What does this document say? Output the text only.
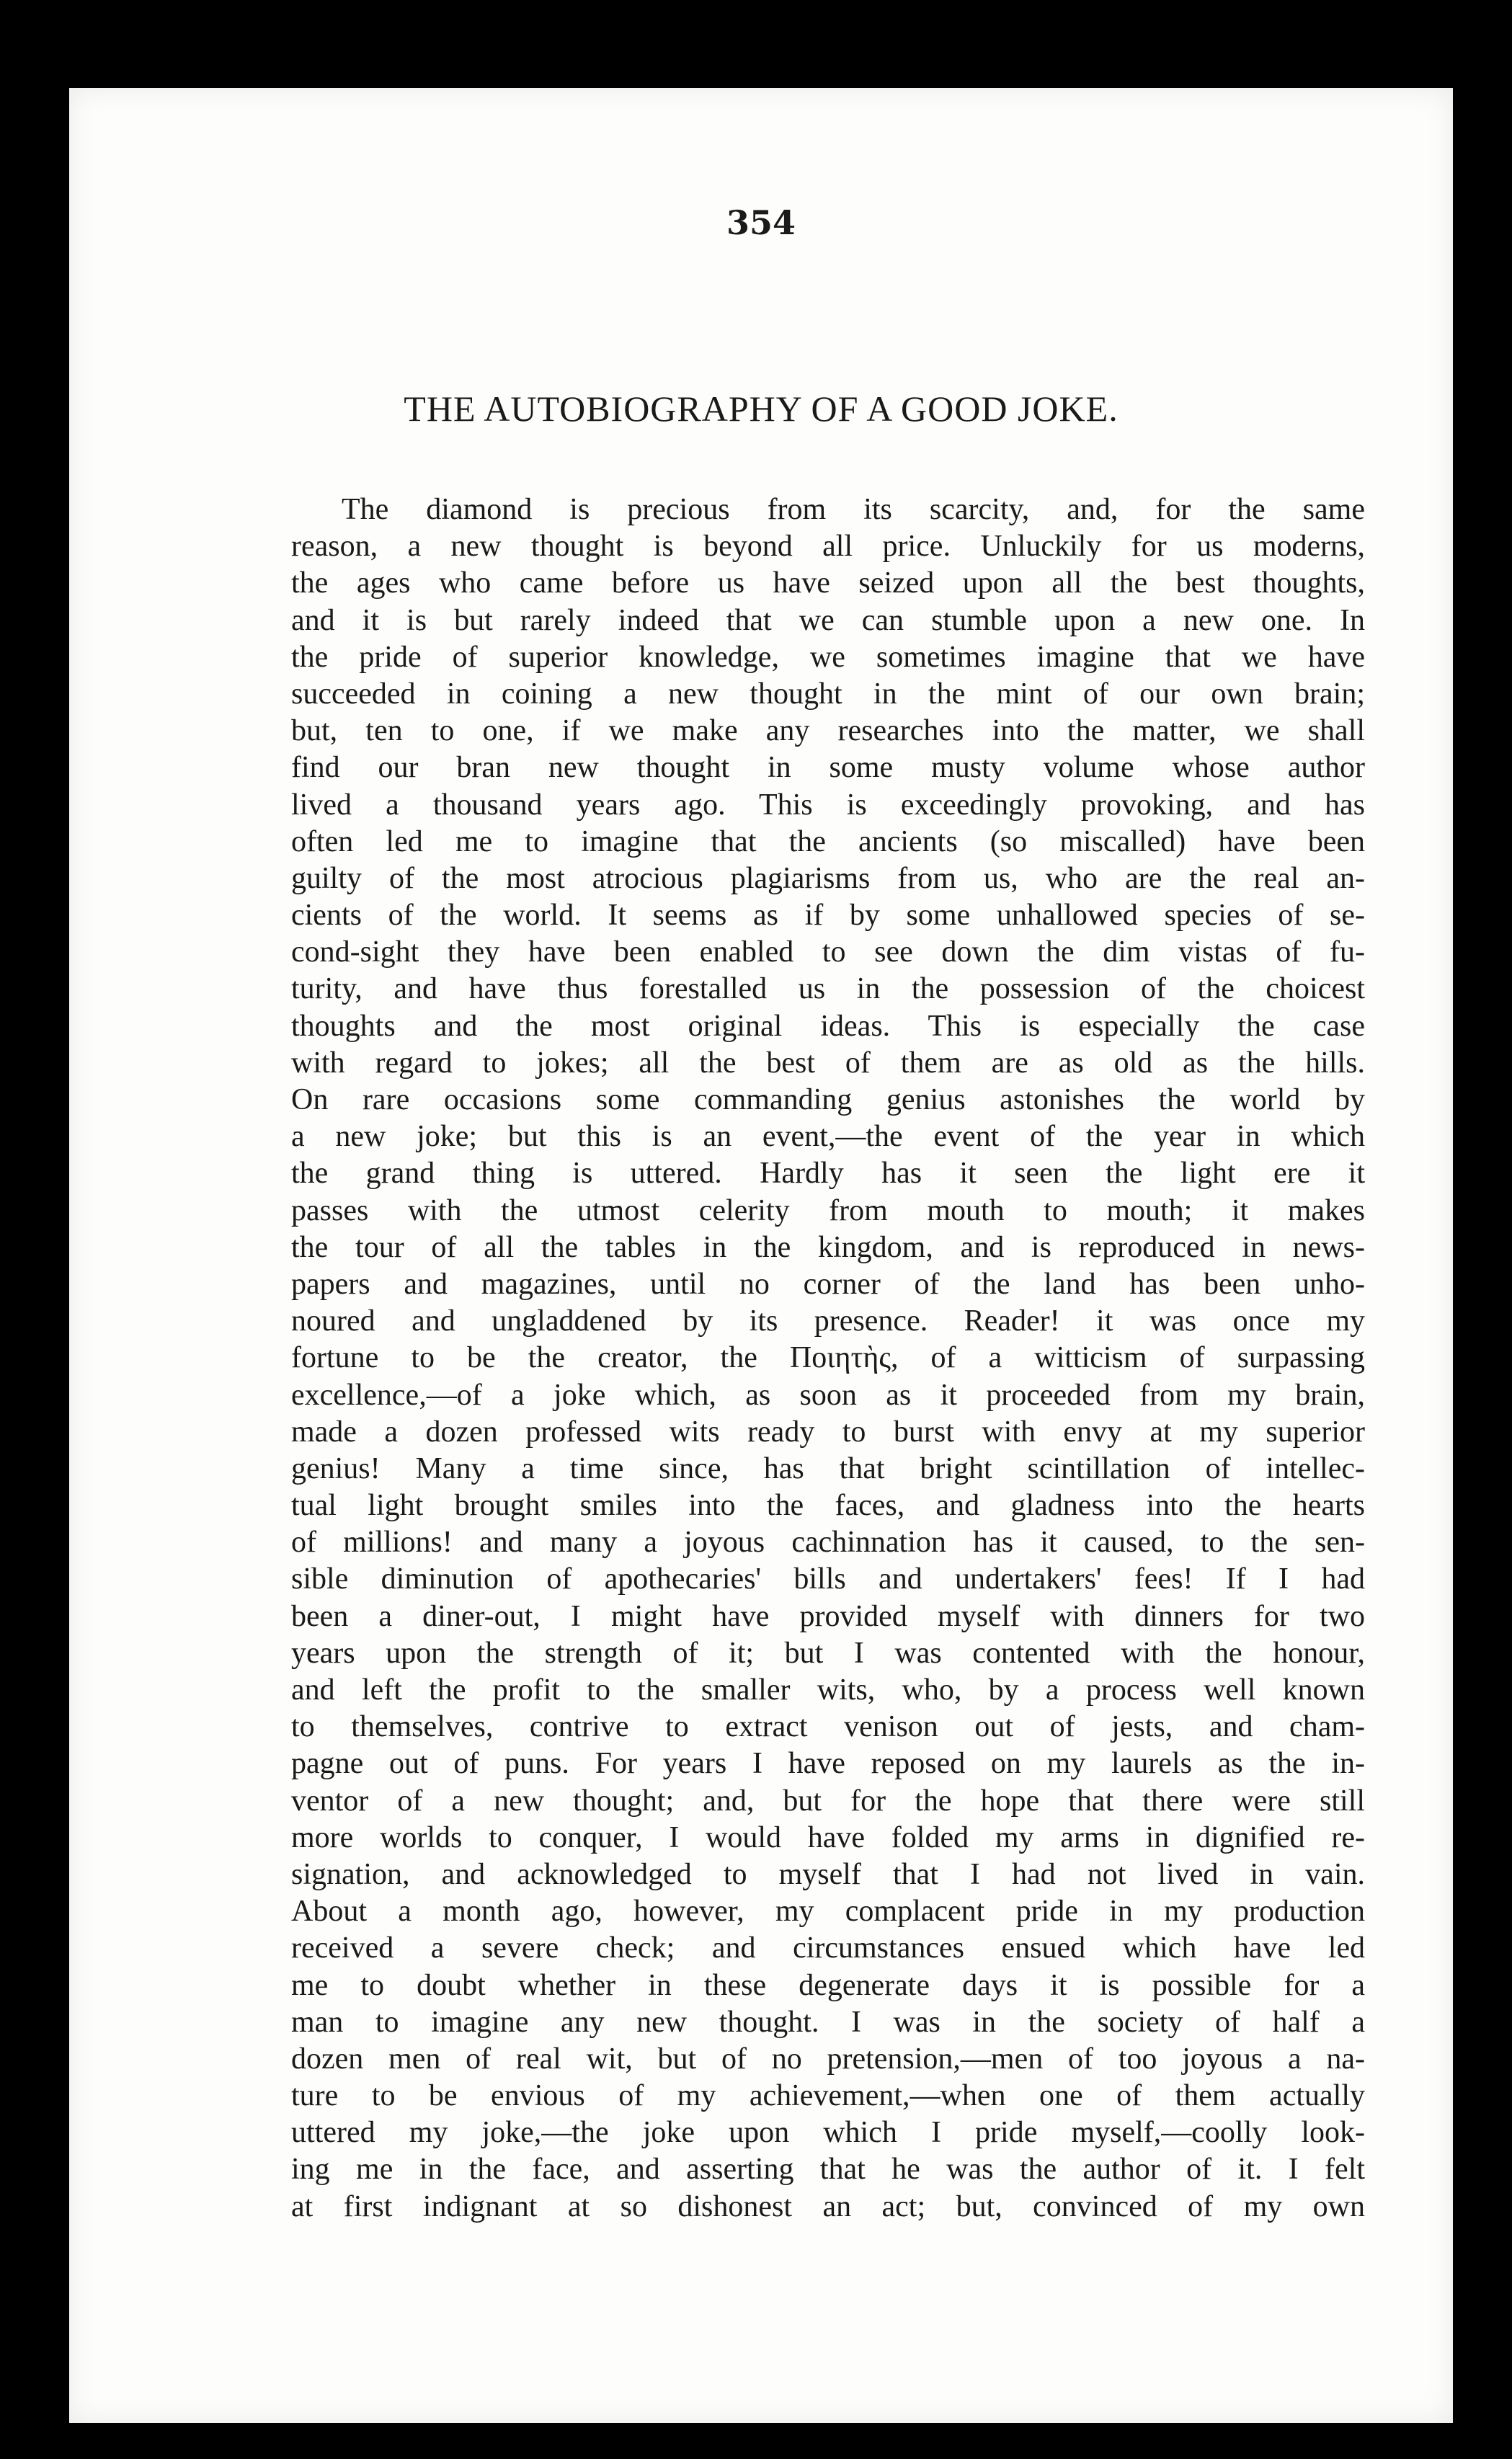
354
THE AUTOBIOGRAPHY OF A GOOD JOKE.
The diamond is precious from its scarcity, and, for the same
reason, a new thought is beyond all price. Unluckily for us moderns,
the ages who came before us have seized upon all the best thoughts,
and it is but rarely indeed that we can stumble upon a new one. In
the pride of superior knowledge, we sometimes imagine that we have
succeeded in coining a new thought in the mint of our own brain;
but, ten to one, if we make any researches into the matter, we shall
find our bran new thought in some musty volume whose author
lived a thousand years ago. This is exceedingly provoking, and has
often led me to imagine that the ancients (so miscalled) have been
guilty of the most atrocious plagiarisms from us, who are the real an-
cients of the world. It seems as if by some unhallowed species of se-
cond-sight they have been enabled to see down the dim vistas of fu-
turity, and have thus forestalled us in the possession of the choicest
thoughts and the most original ideas. This is especially the case
with regard to jokes; all the best of them are as old as the hills.
On rare occasions some commanding genius astonishes the world by
a new joke; but this is an event,—the event of the year in which
the grand thing is uttered. Hardly has it seen the light ere it
passes with the utmost celerity from mouth to mouth; it makes
the tour of all the tables in the kingdom, and is reproduced in news-
papers and magazines, until no corner of the land has been unho-
noured and ungladdened by its presence. Reader! it was once my
fortune to be the creator, the Ποιητὴς, of a witticism of surpassing
excellence,—of a joke which, as soon as it proceeded from my brain,
made a dozen professed wits ready to burst with envy at my superior
genius! Many a time since, has that bright scintillation of intellec-
tual light brought smiles into the faces, and gladness into the hearts
of millions! and many a joyous cachinnation has it caused, to the sen-
sible diminution of apothecaries' bills and undertakers' fees! If I had
been a diner-out, I might have provided myself with dinners for two
years upon the strength of it; but I was contented with the honour,
and left the profit to the smaller wits, who, by a process well known
to themselves, contrive to extract venison out of jests, and cham-
pagne out of puns. For years I have reposed on my laurels as the in-
ventor of a new thought; and, but for the hope that there were still
more worlds to conquer, I would have folded my arms in dignified re-
signation, and acknowledged to myself that I had not lived in vain.
About a month ago, however, my complacent pride in my production
received a severe check; and circumstances ensued which have led
me to doubt whether in these degenerate days it is possible for a
man to imagine any new thought. I was in the society of half a
dozen men of real wit, but of no pretension,—men of too joyous a na-
ture to be envious of my achievement,—when one of them actually
uttered my joke,—the joke upon which I pride myself,—coolly look-
ing me in the face, and asserting that he was the author of it. I felt
at first indignant at so dishonest an act; but, convinced of my own
